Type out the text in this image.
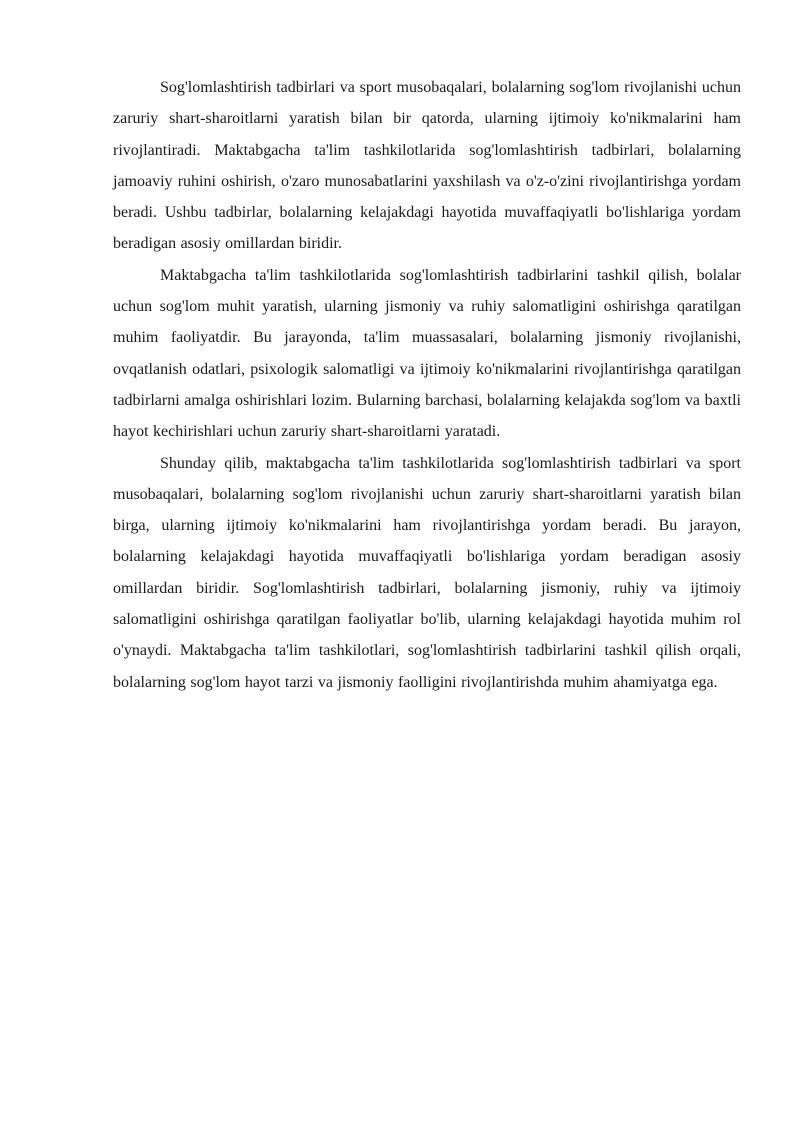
Sog'lomlashtirish tadbirlari va sport musobaqalari, bolalarning sog'lom rivojlanishi uchun zaruriy shart-sharoitlarni yaratish bilan bir qatorda, ularning ijtimoiy ko'nikmalarini ham rivojlantiradi. Maktabgacha ta'lim tashkilotlarida sog'lomlashtirish tadbirlari, bolalarning jamoaviy ruhini oshirish, o'zaro munosabatlarini yaxshilash va o'z-o'zini rivojlantirishga yordam beradi. Ushbu tadbirlar, bolalarning kelajakdagi hayotida muvaffaqiyatli bo'lishlariga yordam beradigan asosiy omillardan biridir.

Maktabgacha ta'lim tashkilotlarida sog'lomlashtirish tadbirlarini tashkil qilish, bolalar uchun sog'lom muhit yaratish, ularning jismoniy va ruhiy salomatligini oshirishga qaratilgan muhim faoliyatdir. Bu jarayonda, ta'lim muassasalari, bolalarning jismoniy rivojlanishi, ovqatlanish odatlari, psixologik salomatligi va ijtimoiy ko'nikmalarini rivojlantirishga qaratilgan tadbirlarni amalga oshirishlari lozim. Bularning barchasi, bolalarning kelajakda sog'lom va baxtli hayot kechirishlari uchun zaruriy shart-sharoitlarni yaratadi.

Shunday qilib, maktabgacha ta'lim tashkilotlarida sog'lomlashtirish tadbirlari va sport musobaqalari, bolalarning sog'lom rivojlanishi uchun zaruriy shart-sharoitlarni yaratish bilan birga, ularning ijtimoiy ko'nikmalarini ham rivojlantirishga yordam beradi. Bu jarayon, bolalarning kelajakdagi hayotida muvaffaqiyatli bo'lishlariga yordam beradigan asosiy omillardan biridir. Sog'lomlashtirish tadbirlari, bolalarning jismoniy, ruhiy va ijtimoiy salomatligini oshirishga qaratilgan faoliyatlar bo'lib, ularning kelajakdagi hayotida muhim rol o'ynaydi. Maktabgacha ta'lim tashkilotlari, sog'lomlashtirish tadbirlarini tashkil qilish orqali, bolalarning sog'lom hayot tarzi va jismoniy faolligini rivojlantirishda muhim ahamiyatga ega.
